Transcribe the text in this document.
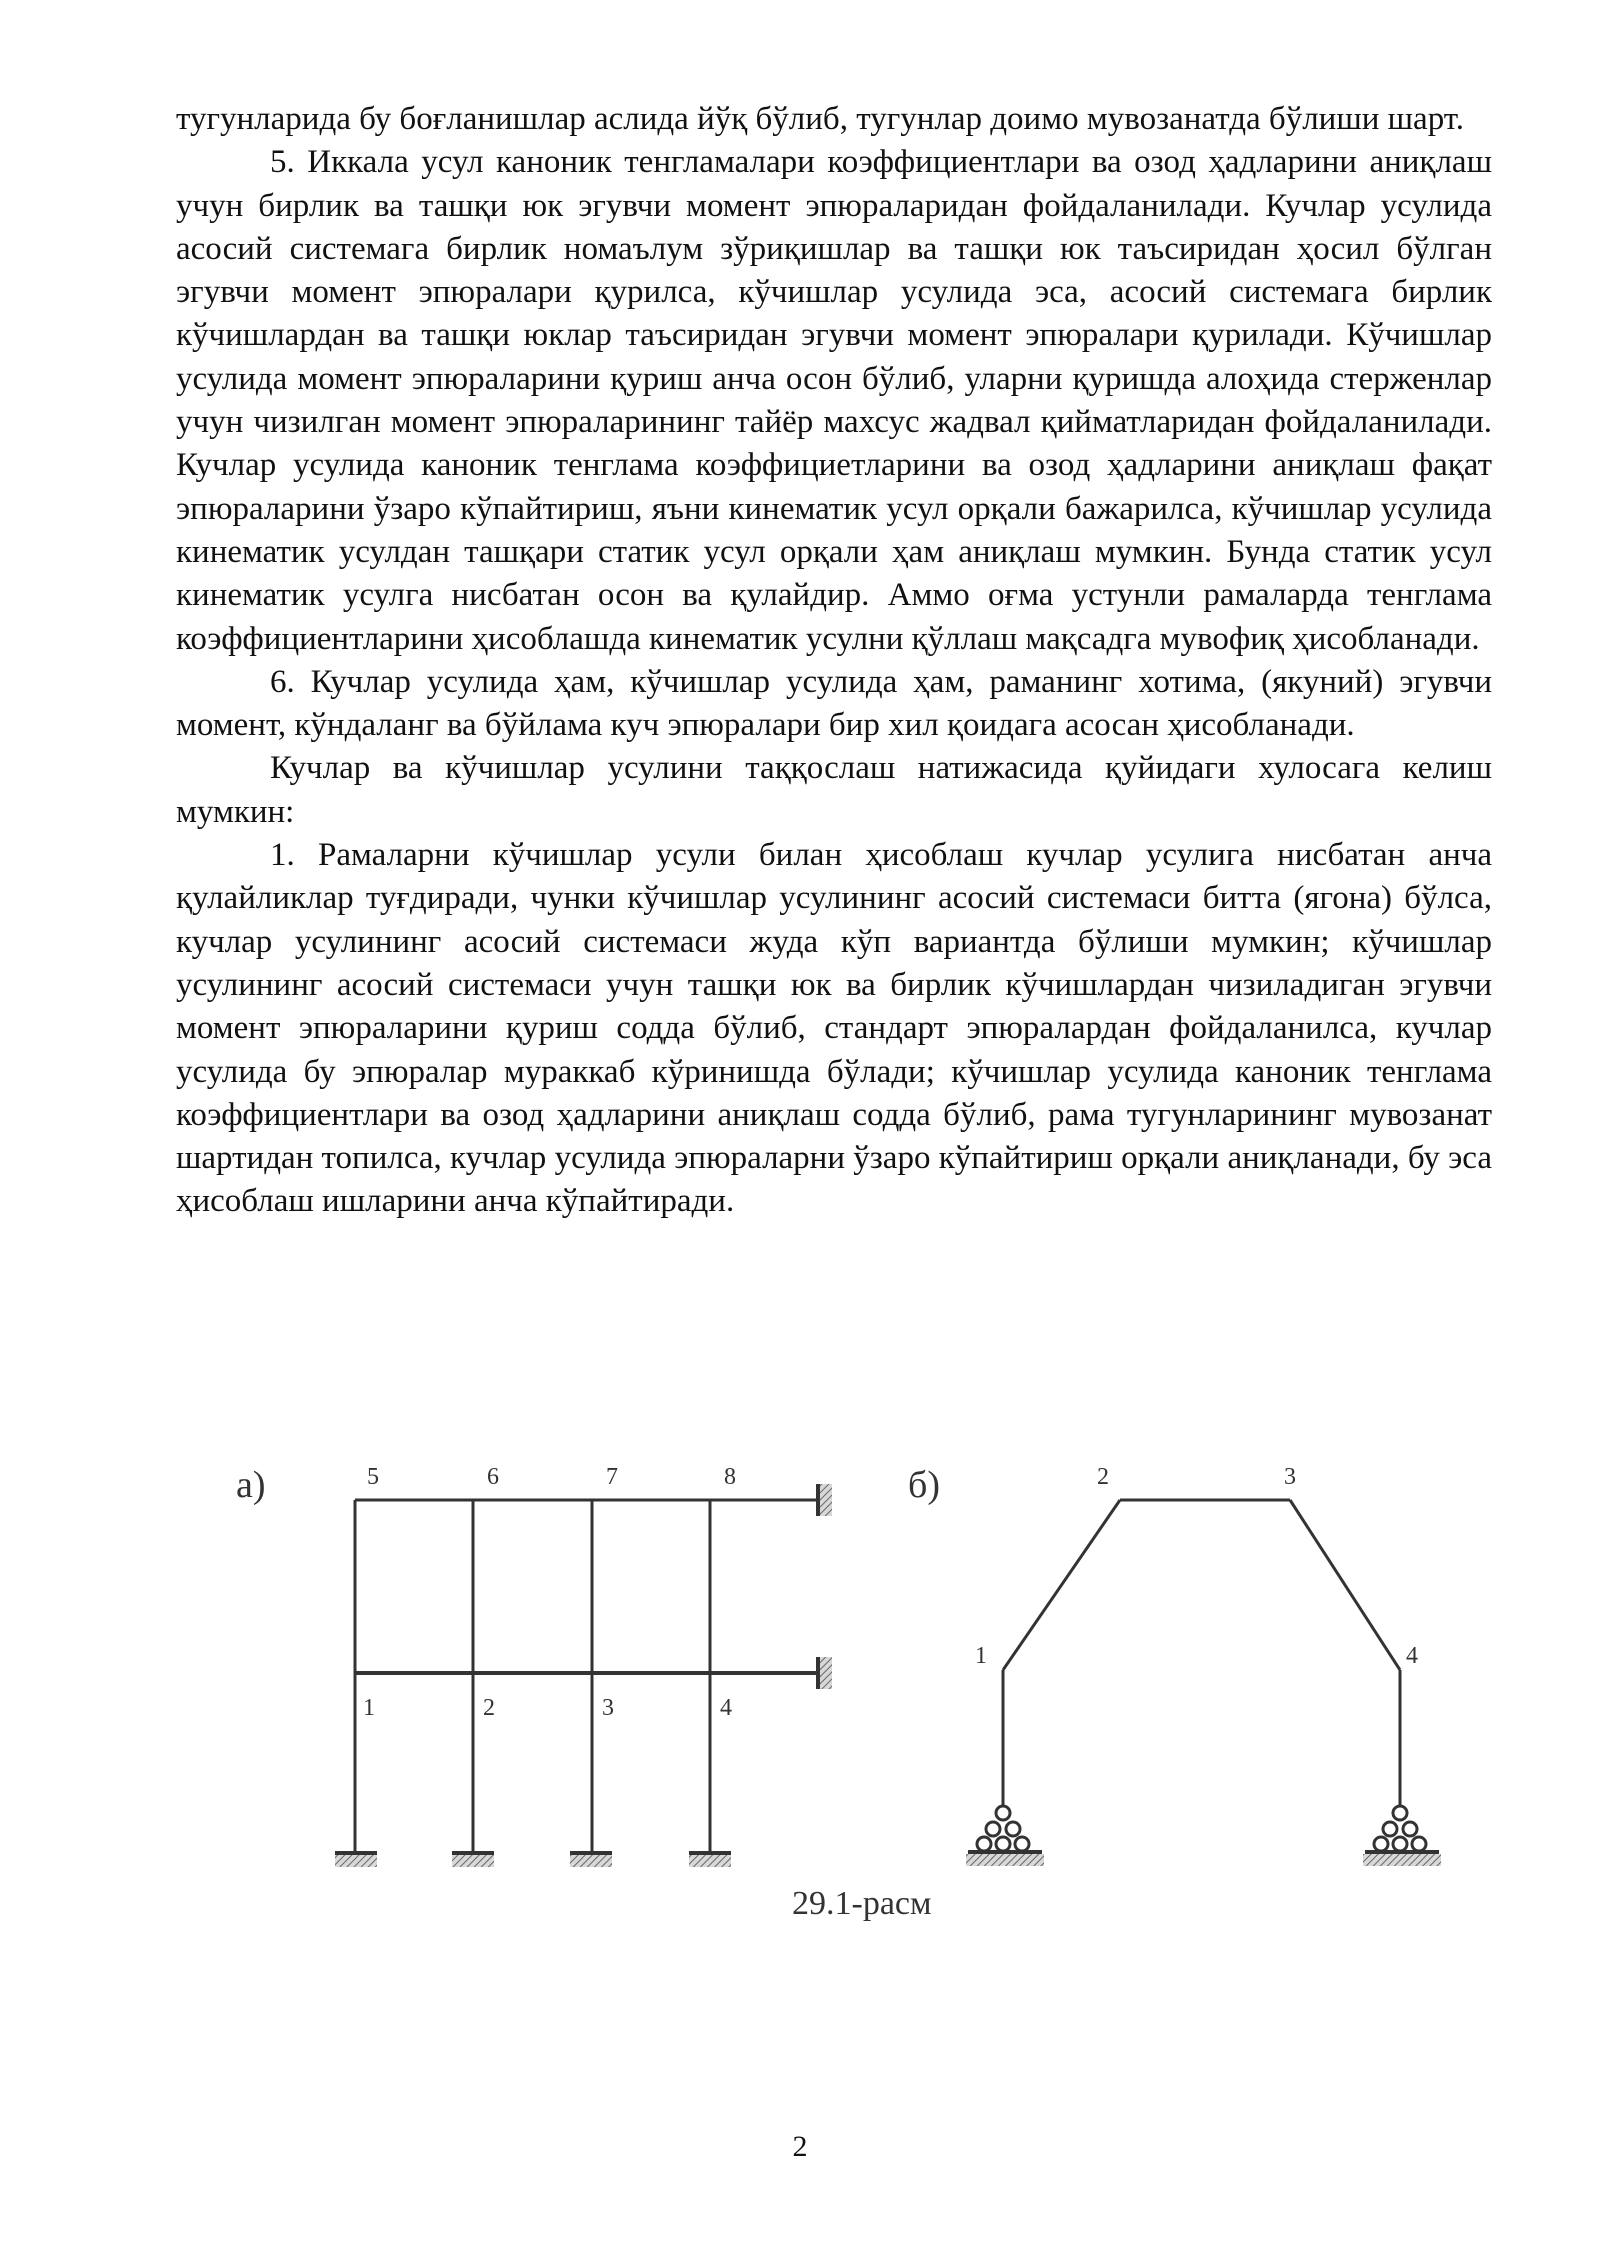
тугунларида бу боғланишлар аслида йўқ бўлиб, тугунлар доимо мувозанатда бўлиши шарт.

5. Иккала усул каноник тенгламалари коэффициентлари ва озод ҳадларини аниқлаш учун бирлик ва ташқи юк эгувчи момент эпюраларидан фойдаланилади. Кучлар усулида асосий системага бирлик номаълум зўриқишлар ва ташқи юк таъсиридан ҳосил бўлган эгувчи момент эпюралари қурилса, кўчишлар усулида эса, асосий системага бирлик кўчишлардан ва ташқи юклар таъсиридан эгувчи момент эпюралари қурилади. Кўчишлар усулида момент эпюраларини қуриш анча осон бўлиб, уларни қуришда алоҳида стерженлар учун чизилган момент эпюраларининг тайёр махсус жадвал қийматларидан фойдаланилади. Кучлар усулида каноник тенглама коэффициетларини ва озод ҳадларини аниқлаш фақат эпюраларини ўзаро кўпайтириш, яъни кинематик усул орқали бажарилса, кўчишлар усулида кинематик усулдан ташқари статик усул орқали ҳам аниқлаш мумкин. Бунда статик усул кинематик усулга нисбатан осон ва қулайдир. Аммо оғма устунли рамаларда тенглама коэффициентларини ҳисоблашда кинематик усулни қўллаш мақсадга мувофиқ ҳисобланади.

6. Кучлар усулида ҳам, кўчишлар усулида ҳам, раманинг хотима, (якуний) эгувчи момент, кўндаланг ва бўйлама куч эпюралари бир хил қоидага асосан ҳисобланади.

Кучлар ва кўчишлар усулини таққослаш натижасида қуйидаги хулосага келиш мумкин:

1. Рамаларни кўчишлар усули билан ҳисоблаш кучлар усулига нисбатан анча қулайликлар туғдиради, чунки кўчишлар усулининг асосий системаси битта (ягона) бўлса, кучлар усулининг асосий системаси жуда кўп вариантда бўлиши мумкин; кўчишлар усулининг асосий системаси учун ташқи юк ва бирлик кўчишлардан чизиладиган эгувчи момент эпюраларини қуриш содда бўлиб, стандарт эпюралардан фойдаланилса, кучлар усулида бу эпюралар мураккаб кўринишда бўлади; кўчишлар усулида каноник тенглама коэффициентлари ва озод ҳадларини аниқлаш содда бўлиб, рама тугунларининг мувозанат шартидан топилса, кучлар усулида эпюраларни ўзаро кўпайтириш орқали аниқланади, бу эса ҳисоблаш ишларини анча кўпайтиради.

а)	б)
1	2	3	4
5	6	7	8
1
2	3
4
29.1-расм
2
